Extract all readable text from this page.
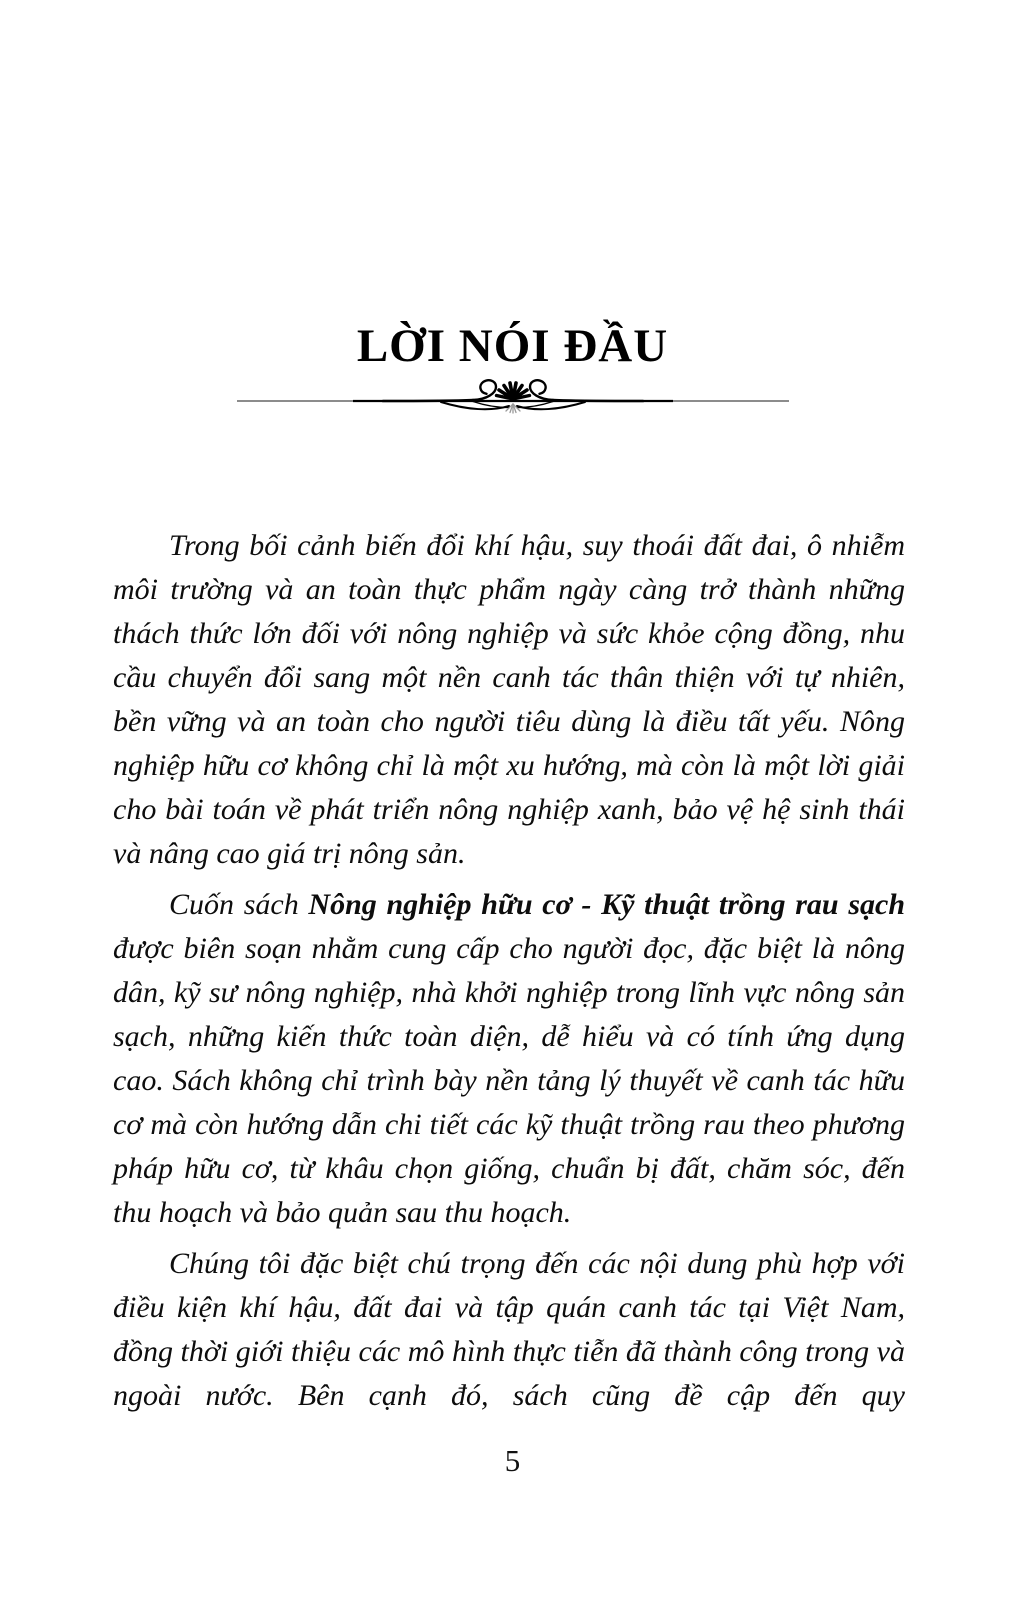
LỜI NÓI ĐẦU

Trong bối cảnh biến đổi khí hậu, suy thoái đất đai, ô nhiễm môi trường và an toàn thực phẩm ngày càng trở thành những thách thức lớn đối với nông nghiệp và sức khỏe cộng đồng, nhu cầu chuyển đổi sang một nền canh tác thân thiện với tự nhiên, bền vững và an toàn cho người tiêu dùng là điều tất yếu. Nông nghiệp hữu cơ không chỉ là một xu hướng, mà còn là một lời giải cho bài toán về phát triển nông nghiệp xanh, bảo vệ hệ sinh thái và nâng cao giá trị nông sản.

Cuốn sách Nông nghiệp hữu cơ - Kỹ thuật trồng rau sạch được biên soạn nhằm cung cấp cho người đọc, đặc biệt là nông dân, kỹ sư nông nghiệp, nhà khởi nghiệp trong lĩnh vực nông sản sạch, những kiến thức toàn diện, dễ hiểu và có tính ứng dụng cao. Sách không chỉ trình bày nền tảng lý thuyết về canh tác hữu cơ mà còn hướng dẫn chi tiết các kỹ thuật trồng rau theo phương pháp hữu cơ, từ khâu chọn giống, chuẩn bị đất, chăm sóc, đến thu hoạch và bảo quản sau thu hoạch.

Chúng tôi đặc biệt chú trọng đến các nội dung phù hợp với điều kiện khí hậu, đất đai và tập quán canh tác tại Việt Nam, đồng thời giới thiệu các mô hình thực tiễn đã thành công trong và ngoài nước. Bên cạnh đó, sách cũng đề cập đến quy

5
